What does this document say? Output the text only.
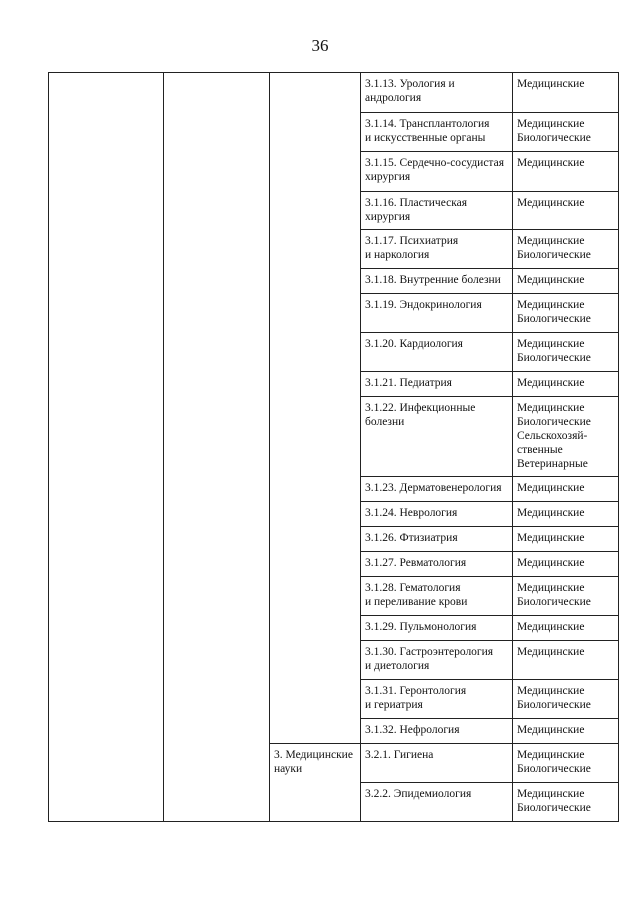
36

			3.1.13. Урология и
андрология	Медицинские

			3.1.14. Трансплантология
и искусственные органы	Медицинские
Биологические

			3.1.15. Сердечно-сосудистая
хирургия	Медицинские

			3.1.16. Пластическая
хирургия	Медицинские

			3.1.17. Психиатрия
и наркология	Медицинские
Биологические

			3.1.18. Внутренние болезни	Медицинские

			3.1.19. Эндокринология	Медицинские
Биологические

			3.1.20. Кардиология	Медицинские
Биологические

			3.1.21. Педиатрия	Медицинские

			3.1.22. Инфекционные
болезни	Медицинские
Биологические
Сельскохозяй-
ственные
Ветеринарные

			3.1.23. Дерматовенерология	Медицинские

			3.1.24. Неврология	Медицинские

			3.1.26. Фтизиатрия	Медицинские

			3.1.27. Ревматология	Медицинские

			3.1.28. Гематология
и переливание крови	Медицинские
Биологические

			3.1.29. Пульмонология	Медицинские

			3.1.30. Гастроэнтерология
и диетология	Медицинские

			3.1.31. Геронтология
и гериатрия	Медицинские
Биологические

			3.1.32. Нефрология	Медицинские

		3. Медицинские
науки	3.2.1. Гигиена	Медицинские
Биологические

			3.2.2. Эпидемиология	Медицинские
Биологические
